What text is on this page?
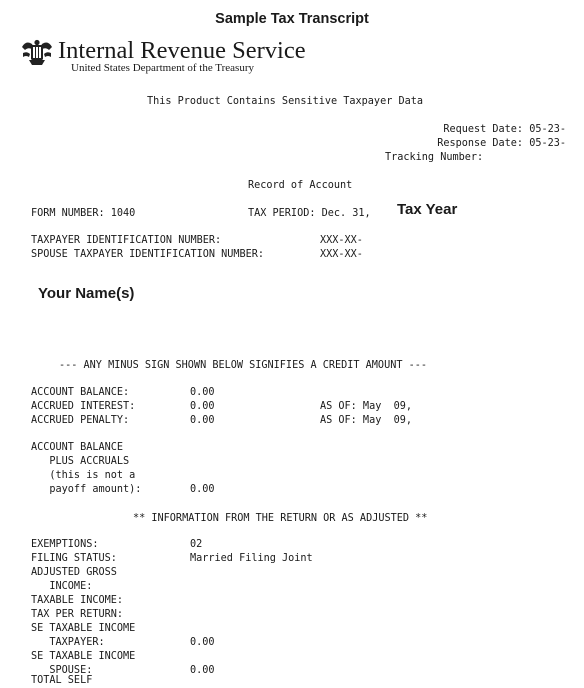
Sample Tax Transcript
Internal Revenue Service
United States Department of the Treasury
This Product Contains Sensitive Taxpayer Data
Request Date: 05-23-
Response Date: 05-23-
Tracking Number:
Record of Account
FORM NUMBER: 1040	TAX PERIOD: Dec. 31, Tax Year
TAXPAYER IDENTIFICATION NUMBER:	XXX-XX-
SPOUSE TAXPAYER IDENTIFICATION NUMBER:	XXX-XX-
Your Name(s)
--- ANY MINUS SIGN SHOWN BELOW SIGNIFIES A CREDIT AMOUNT ---
ACCOUNT BALANCE:	0.00
ACCRUED INTEREST:	0.00	AS OF: May  09,
ACCRUED PENALTY:	0.00	AS OF: May  09,
ACCOUNT BALANCE
PLUS ACCRUALS
(this is not a
payoff amount):	0.00
** INFORMATION FROM THE RETURN OR AS ADJUSTED **
EXEMPTIONS:	02
FILING STATUS:	Married Filing Joint
ADJUSTED GROSS
INCOME:
TAXABLE INCOME:
TAX PER RETURN:
SE TAXABLE INCOME
TAXPAYER:	0.00
SE TAXABLE INCOME
SPOUSE:	0.00
TOTAL SELF
